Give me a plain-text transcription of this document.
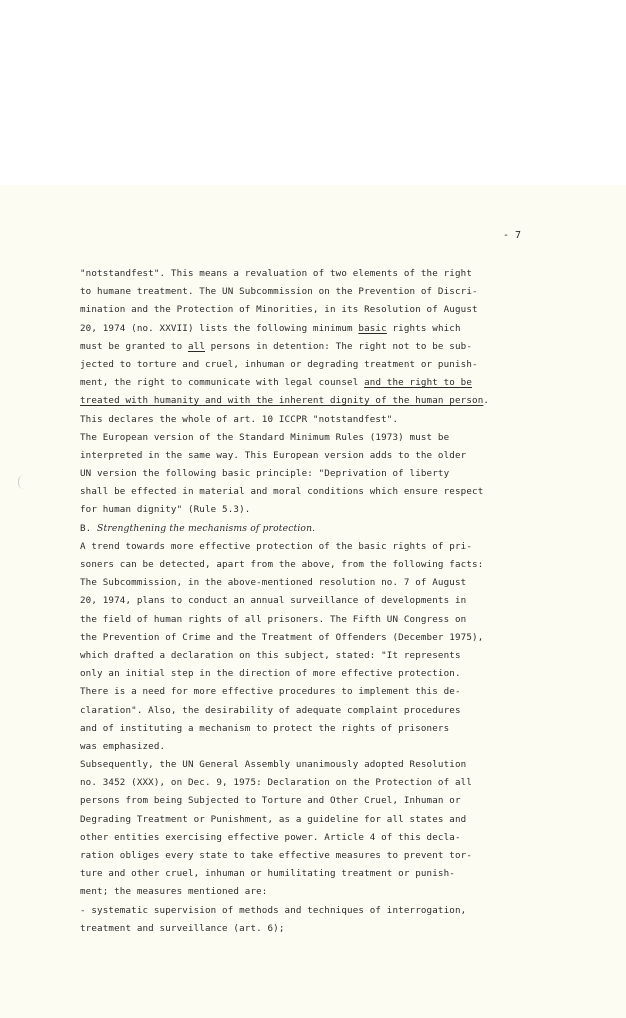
- 7
"notstandfest". This means a revaluation of two elements of the right
to humane treatment. The UN Subcommission on the Prevention of Discri-
mination and the Protection of Minorities, in its Resolution of August
20, 1974 (no. XXVII) lists the following minimum basic rights which
must be granted to all persons in detention: The right not to be sub-
jected to torture and cruel, inhuman or degrading treatment or punish-
ment, the right to communicate with legal counsel and the right to be
treated with humanity and with the inherent dignity of the human person.
This declares the whole of art. 10 ICCPR "notstandfest".
The European version of the Standard Minimum Rules (1973) must be
interpreted in the same way. This European version adds to the older
UN version the following basic principle: "Deprivation of liberty
shall be effected in material and moral conditions which ensure respect
for human dignity" (Rule 5.3).
B. Strengthening the mechanisms of protection.
A trend towards more effective protection of the basic rights of pri-
soners can be detected, apart from the above, from the following facts:
The Subcommission, in the above-mentioned resolution no. 7 of August
20, 1974, plans to conduct an annual surveillance of developments in
the field of human rights of all prisoners. The Fifth UN Congress on
the Prevention of Crime and the Treatment of Offenders (December 1975),
which drafted a declaration on this subject, stated: "It represents
only an initial step in the direction of more effective protection.
There is a need for more effective procedures to implement this de-
claration". Also, the desirability of adequate complaint procedures
and of instituting a mechanism to protect the rights of prisoners
was emphasized.
Subsequently, the UN General Assembly unanimously adopted Resolution
no. 3452 (XXX), on Dec. 9, 1975: Declaration on the Protection of all
persons from being Subjected to Torture and Other Cruel, Inhuman or
Degrading Treatment or Punishment, as a guideline for all states and
other entities exercising effective power. Article 4 of this decla-
ration obliges every state to take effective measures to prevent tor-
ture and other cruel, inhuman or humilitating treatment or punish-
ment; the measures mentioned are:
- systematic supervision of methods and techniques of interrogation,
treatment and surveillance (art. 6);
